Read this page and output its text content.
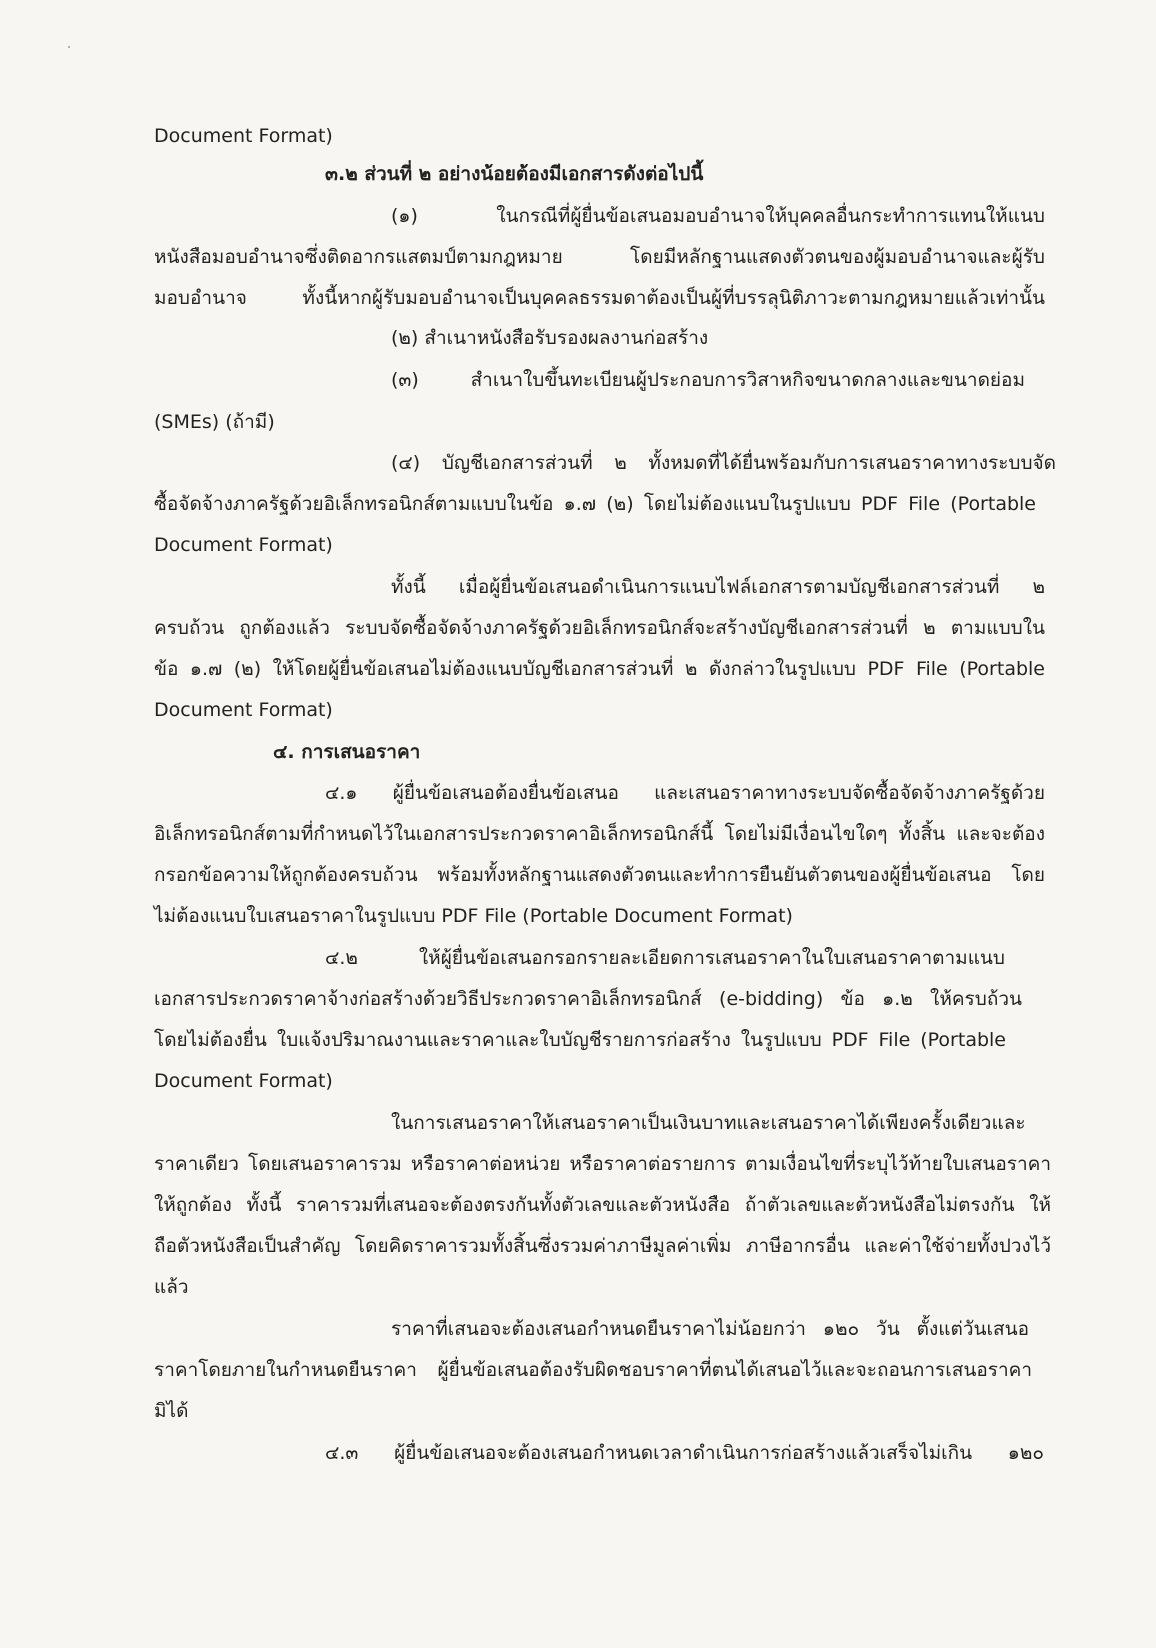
Document Format)

๓.๒ ส่วนที่ ๒ อย่างน้อยต้องมีเอกสารดังต่อไปนี้

(๑) ในกรณีที่ผู้ยื่นข้อเสนอมอบอำนาจให้บุคคลอื่นกระทำการแทนให้แนบ

หนังสือมอบอำนาจซึ่งติดอากรแสตมป์ตามกฎหมาย โดยมีหลักฐานแสดงตัวตนของผู้มอบอำนาจและผู้รับ

มอบอำนาจ ทั้งนี้หากผู้รับมอบอำนาจเป็นบุคคลธรรมดาต้องเป็นผู้ที่บรรลุนิติภาวะตามกฎหมายแล้วเท่านั้น

(๒) สำเนาหนังสือรับรองผลงานก่อสร้าง

(๓) สำเนาใบขึ้นทะเบียนผู้ประกอบการวิสาหกิจขนาดกลางและขนาดย่อม

(SMEs) (ถ้ามี)

(๔) บัญชีเอกสารส่วนที่ ๒ ทั้งหมดที่ได้ยื่นพร้อมกับการเสนอราคาทางระบบจัด

ซื้อจัดจ้างภาครัฐด้วยอิเล็กทรอนิกส์ตามแบบในข้อ ๑.๗ (๒) โดยไม่ต้องแนบในรูปแบบ PDF File (Portable

Document Format)

ทั้งนี้ เมื่อผู้ยื่นข้อเสนอดำเนินการแนบไฟล์เอกสารตามบัญชีเอกสารส่วนที่ ๒

ครบถ้วน ถูกต้องแล้ว ระบบจัดซื้อจัดจ้างภาครัฐด้วยอิเล็กทรอนิกส์จะสร้างบัญชีเอกสารส่วนที่ ๒ ตามแบบใน

ข้อ ๑.๗ (๒) ให้โดยผู้ยื่นข้อเสนอไม่ต้องแนบบัญชีเอกสารส่วนที่ ๒ ดังกล่าวในรูปแบบ PDF File (Portable

Document Format)

๔. การเสนอราคา

๔.๑ ผู้ยื่นข้อเสนอต้องยื่นข้อเสนอ และเสนอราคาทางระบบจัดซื้อจัดจ้างภาครัฐด้วย

อิเล็กทรอนิกส์ตามที่กำหนดไว้ในเอกสารประกวดราคาอิเล็กทรอนิกส์นี้ โดยไม่มีเงื่อนไขใดๆ ทั้งสิ้น และจะต้อง

กรอกข้อความให้ถูกต้องครบถ้วน พร้อมทั้งหลักฐานแสดงตัวตนและทำการยืนยันตัวตนของผู้ยื่นข้อเสนอ โดย

ไม่ต้องแนบใบเสนอราคาในรูปแบบ PDF File (Portable Document Format)

๔.๒ ให้ผู้ยื่นข้อเสนอกรอกรายละเอียดการเสนอราคาในใบเสนอราคาตามแนบ

เอกสารประกวดราคาจ้างก่อสร้างด้วยวิธีประกวดราคาอิเล็กทรอนิกส์ (e-bidding) ข้อ ๑.๒ ให้ครบถ้วน

โดยไม่ต้องยื่น ใบแจ้งปริมาณงานและราคาและใบบัญชีรายการก่อสร้าง ในรูปแบบ PDF File (Portable

Document Format)

ในการเสนอราคาให้เสนอราคาเป็นเงินบาทและเสนอราคาได้เพียงครั้งเดียวและ

ราคาเดียว โดยเสนอราคารวม หรือราคาต่อหน่วย หรือราคาต่อรายการ ตามเงื่อนไขที่ระบุไว้ท้ายใบเสนอราคา

ให้ถูกต้อง ทั้งนี้ ราคารวมที่เสนอจะต้องตรงกันทั้งตัวเลขและตัวหนังสือ ถ้าตัวเลขและตัวหนังสือไม่ตรงกัน ให้

ถือตัวหนังสือเป็นสำคัญ โดยคิดราคารวมทั้งสิ้นซึ่งรวมค่าภาษีมูลค่าเพิ่ม ภาษีอากรอื่น และค่าใช้จ่ายทั้งปวงไว้

แล้ว

ราคาที่เสนอจะต้องเสนอกำหนดยืนราคาไม่น้อยกว่า ๑๒๐ วัน ตั้งแต่วันเสนอ

ราคาโดยภายในกำหนดยืนราคา ผู้ยื่นข้อเสนอต้องรับผิดชอบราคาที่ตนได้เสนอไว้และจะถอนการเสนอราคา

มิได้

๔.๓ ผู้ยื่นข้อเสนอจะต้องเสนอกำหนดเวลาดำเนินการก่อสร้างแล้วเสร็จไม่เกิน ๑๒๐
